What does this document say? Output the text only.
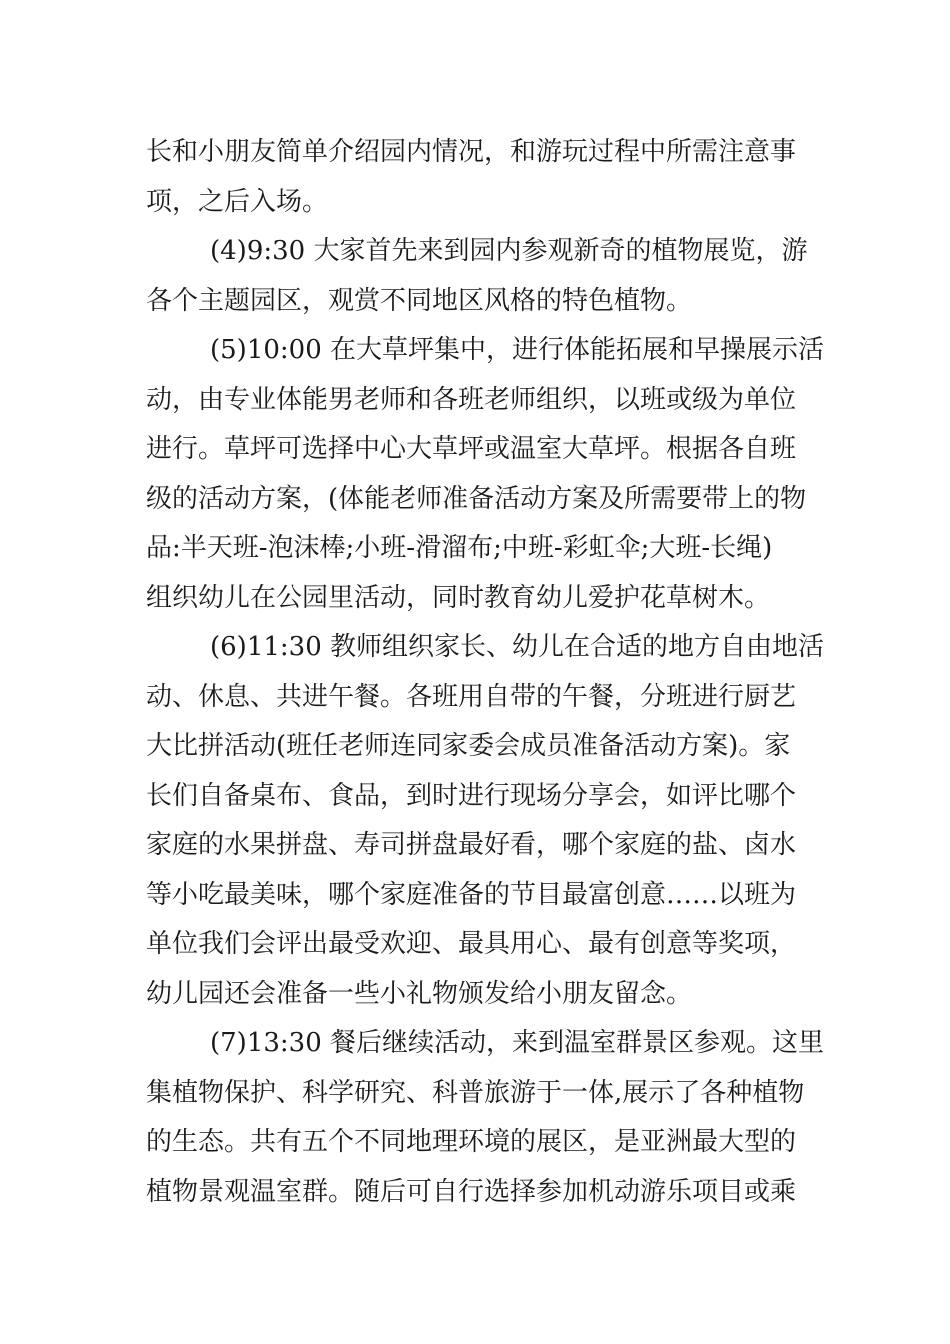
长和小朋友简单介绍园内情况，和游玩过程中所需注意事
项，之后入场。

(4)9:30 大家首先来到园内参观新奇的植物展览，游
各个主题园区，观赏不同地区风格的特色植物。

(5)10:00 在大草坪集中，进行体能拓展和早操展示活
动，由专业体能男老师和各班老师组织，以班或级为单位
进行。草坪可选择中心大草坪或温室大草坪。根据各自班
级的活动方案，(体能老师准备活动方案及所需要带上的物
品:半天班-泡沫棒;小班-滑溜布;中班-彩虹伞;大班-长绳)
组织幼儿在公园里活动，同时教育幼儿爱护花草树木。

(6)11:30 教师组织家长、幼儿在合适的地方自由地活
动、休息、共进午餐。各班用自带的午餐，分班进行厨艺
大比拼活动(班任老师连同家委会成员准备活动方案)。家
长们自备桌布、食品，到时进行现场分享会，如评比哪个
家庭的水果拼盘、寿司拼盘最好看，哪个家庭的盐、卤水
等小吃最美味，哪个家庭准备的节目最富创意……以班为
单位我们会评出最受欢迎、最具用心、最有创意等奖项，
幼儿园还会准备一些小礼物颁发给小朋友留念。

(7)13:30 餐后继续活动，来到温室群景区参观。这里
集植物保护、科学研究、科普旅游于一体,展示了各种植物
的生态。共有五个不同地理环境的展区，是亚洲最大型的
植物景观温室群。随后可自行选择参加机动游乐项目或乘
